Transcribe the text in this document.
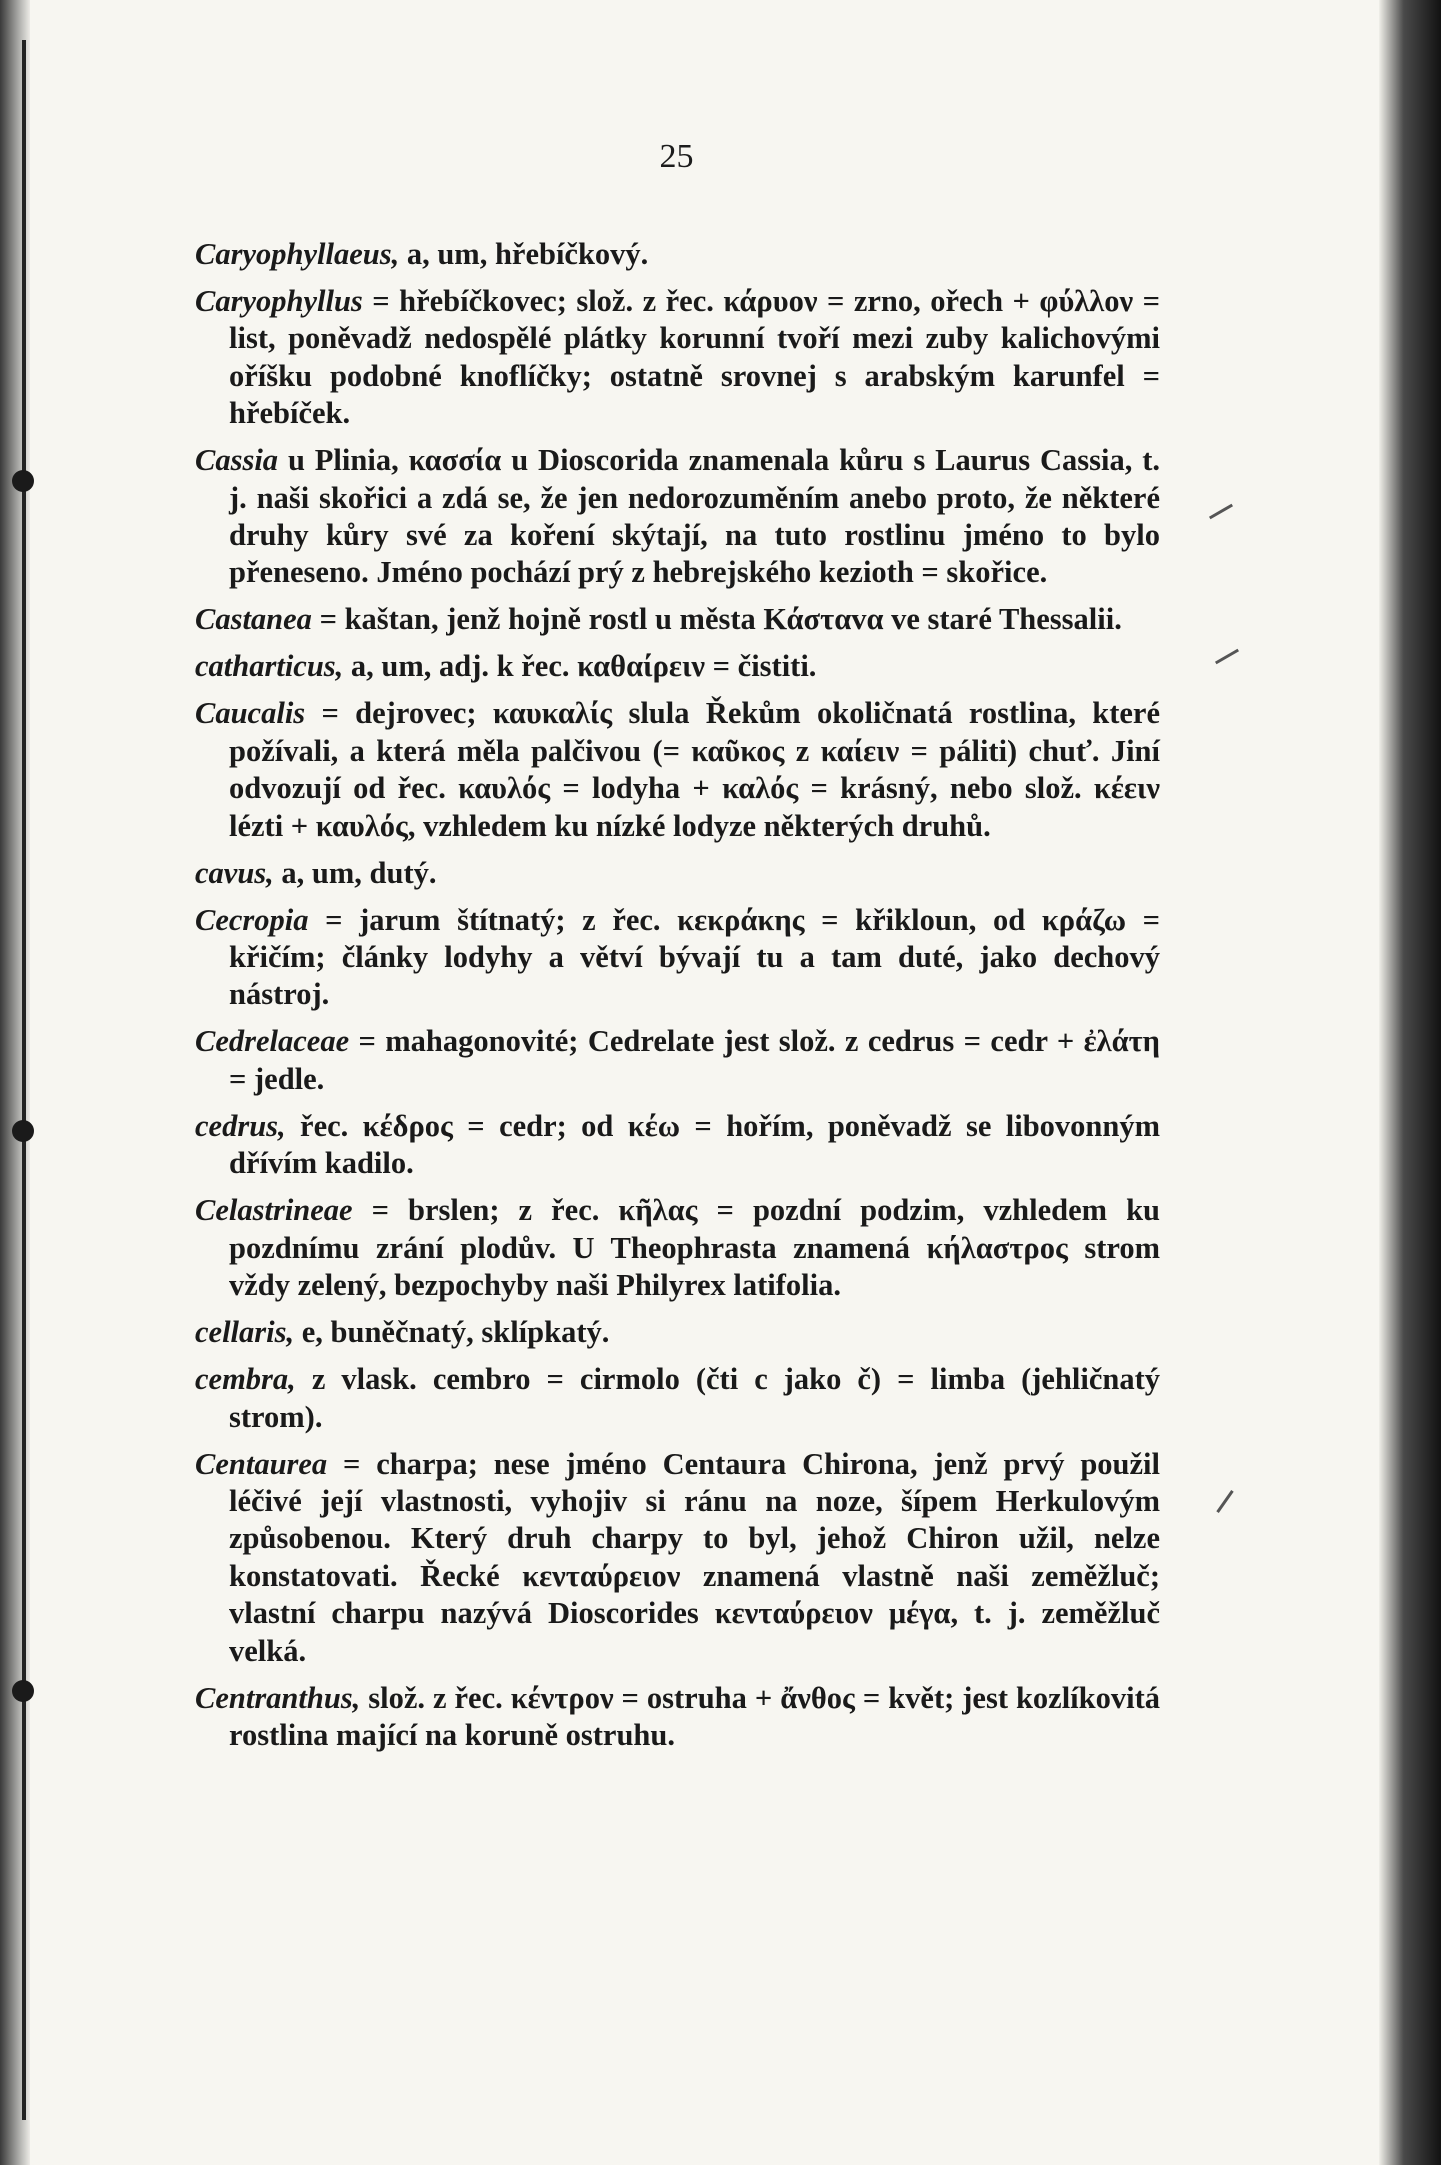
25

Caryophyllaeus, a, um, hřebíčkový.

Caryophyllus = hřebíčkovec; slož. z řec. κάρυον = zrno, ořech + φύλλον = list, poněvadž nedospělé plátky korunní tvoří mezi zuby kalichovými oříšku podobné knoflíčky; ostatně srovnej s arabským karunfel = hřebíček.

Cassia u Plinia, κασσία u Dioscorida znamenala kůru s Laurus Cassia, t. j. naši skořici a zdá se, že jen nedorozuměním anebo proto, že některé druhy kůry své za koření skýtají, na tuto rostlinu jméno to bylo přeneseno. Jméno pochází prý z hebrejského kezioth = skořice.

Castanea = kaštan, jenž hojně rostl u města Κάσταvα ve staré Thessalii.

catharticus, a, um, adj. k řec. καθαίρειν = čistiti.

Caucalis = dejrovec; καυκαλίς slula Řekům okoličnatá rostlina, které požívali, a která měla palčivou (= καῦκος z καίειν = páliti) chuť. Jiní odvozují od řec. καυλός = lodyha + καλός = krásný, nebo slož. κέειν lézti + καυλός, vzhledem ku nízké lodyze některých druhů.

cavus, a, um, dutý.

Cecropia = jarum štítnatý; z řec. κεκράκης = křikloun, od κράζω = křičím; články lodyhy a větví bývají tu a tam duté, jako dechový nástroj.

Cedrelaceae = mahagonovité; Cedrelate jest slož. z cedrus = cedr + ἐλάτη = jedle.

cedrus, řec. κέδρος = cedr; od κέω = hořím, poněvadž se libovonným dřívím kadilo.

Celastrineae = brslen; z řec. κῆλας = pozdní podzim, vzhledem ku pozdnímu zrání plodův. U Theophrasta znamená κήλαστρος strom vždy zelený, bezpochyby naši Philyrex latifolia.

cellaris, e, buněčnatý, sklípkatý.

cembra, z vlask. cembro = cirmolo (čti c jako č) = limba (jehličnatý strom).

Centaurea = charpa; nese jméno Centaura Chirona, jenž prvý použil léčivé její vlastnosti, vyhojiv si ránu na noze, šípem Herkulovým způsobenou. Který druh charpy to byl, jehož Chiron užil, nelze konstatovati. Řecké κενταύρειον znamená vlastně naši zeměžluč; vlastní charpu nazývá Dioscorides κενταύρειον μέγα, t. j. zeměžluč velká.

Centranthus, slož. z řec. κέντρον = ostruha + ἄνθος = květ; jest kozlíkovitá rostlina mající na koruně ostruhu.
